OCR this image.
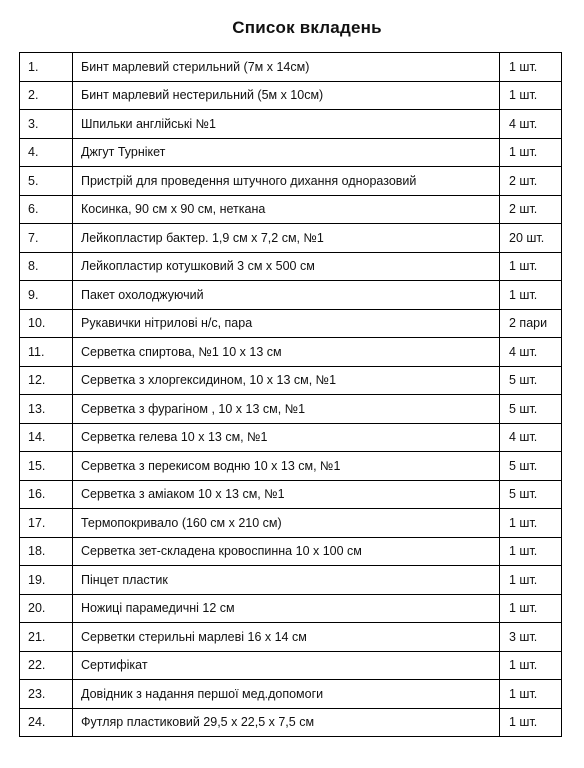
Список вкладень
1.	Бинт марлевий стерильний (7м х 14см)	1 шт.
2.	Бинт марлевий нестерильний (5м х 10см)	1 шт.
3.	Шпильки англійські №1	4 шт.
4.	Джгут Турнікет	1 шт.
5.	Пристрій для проведення штучного дихання одноразовий	2 шт.
6.	Косинка, 90 см х 90 см, нетканa	2 шт.
7.	Лейкопластир бактер. 1,9 см х 7,2 см, №1	20 шт.
8.	Лейкопластир котушковий 3 см х 500 см	1 шт.
9.	Пакет охолоджуючий	1 шт.
10.	Рукавички нітрилові н/с, пара	2 пари
11.	Серветка спиртова, №1 10 х 13 см	4 шт.
12.	Серветка з хлоргексидином, 10 х 13 см, №1	5 шт.
13.	Серветка з фурагіном , 10 х 13 см, №1	5 шт.
14.	Серветка гелева 10 х 13 см, №1	4 шт.
15.	Серветка з перекисом водню 10 х 13 см, №1	5 шт.
16.	Серветка з аміаком 10 х 13 см, №1	5 шт.
17.	Термопокривало (160 см х 210 см)	1 шт.
18.	Серветка зет-складена кровоспинна 10 х 100 см	1 шт.
19.	Пінцет пластик	1 шт.
20.	Ножиці парамедичні 12 см	1 шт.
21.	Серветки стерильні марлеві 16 х 14 см	3 шт.
22.	Сертифікат	1 шт.
23.	Довідник з надання першої мед.допомоги	1 шт.
24.	Футляр пластиковий 29,5 х 22,5 х 7,5 см	1 шт.
